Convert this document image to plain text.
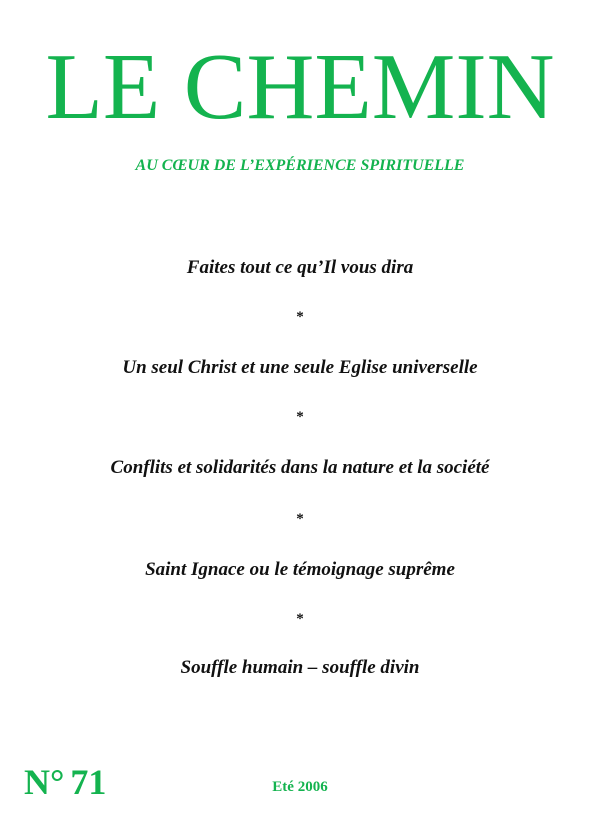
LE CHEMIN
AU CŒUR DE L’EXPÉRIENCE SPIRITUELLE
Faites tout ce qu’Il vous dira
*
Un seul Christ et une seule Eglise universelle
*
Conflits et solidarités dans la nature et la société
*
Saint Ignace ou le témoignage suprême
*
Souffle humain – souffle divin
N° 71	Eté 2006
